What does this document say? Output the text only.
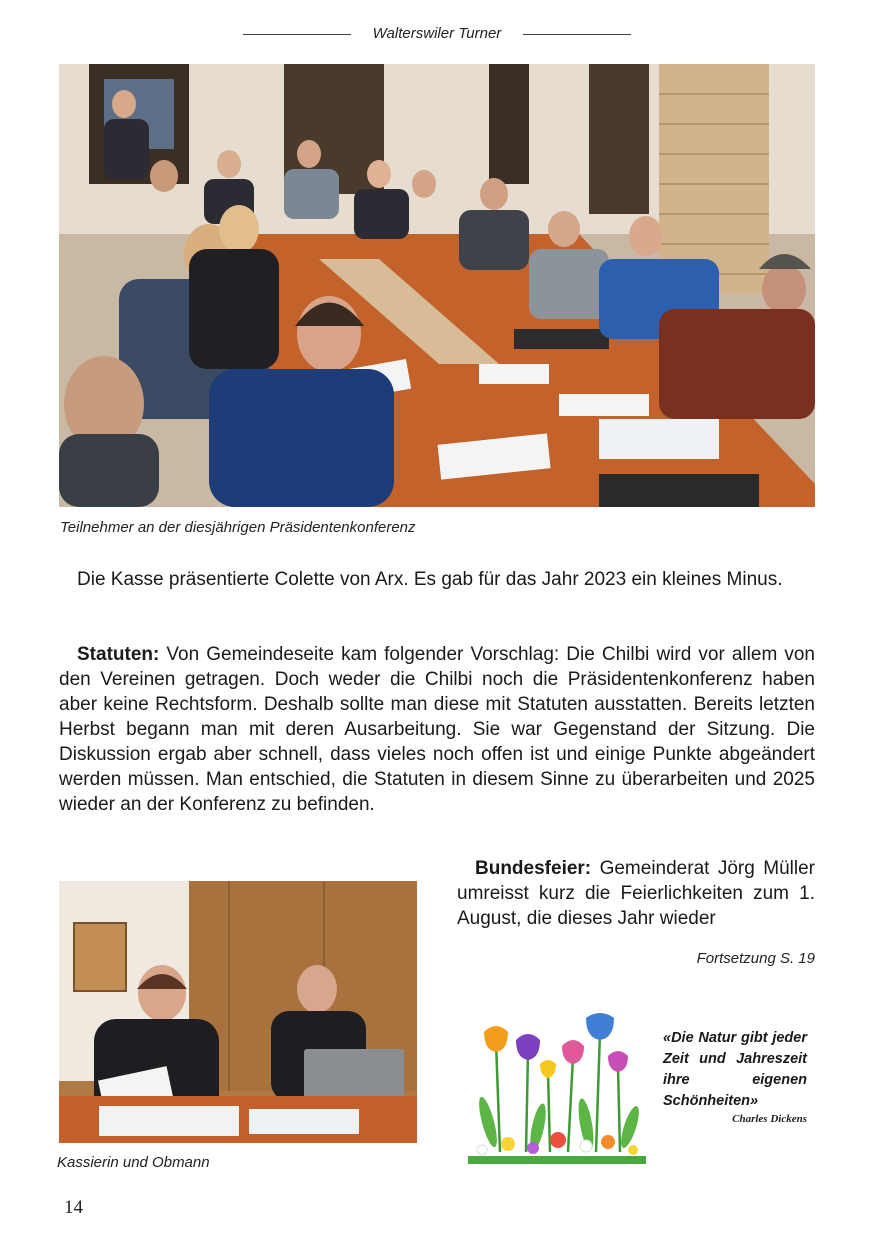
Walterswiler Turner
Teilnehmer an der diesjährigen Präsidentenkonferenz

Die Kasse präsentierte Colette von Arx. Es gab für das Jahr 2023 ein kleines Minus.

Statuten: Von Gemeindeseite kam folgender Vorschlag: Die Chilbi wird vor allem von den Vereinen getragen. Doch weder die Chilbi noch die Präsidentenkonferenz haben aber keine Rechtsform. Deshalb sollte man diese mit Statuten ausstatten. Bereits letzten Herbst begann man mit deren Ausarbeitung. Sie war Gegenstand der Sitzung. Die Diskussion ergab aber schnell, dass vieles noch offen ist und einige Punkte abgeändert werden müssen. Man entschied, die Statuten in diesem Sinne zu überarbeiten und 2025 wieder an der Konferenz zu befinden.

Kassierin und Obmann

Bundesfeier: Gemeinderat Jörg Müller umreisst kurz die Feierlichkeiten zum 1. August, die dieses Jahr wieder

Fortsetzung S. 19
«Die Natur gibt jeder Zeit und Jahreszeit ihre eigenen Schönheiten»
Charles Dickens
14
